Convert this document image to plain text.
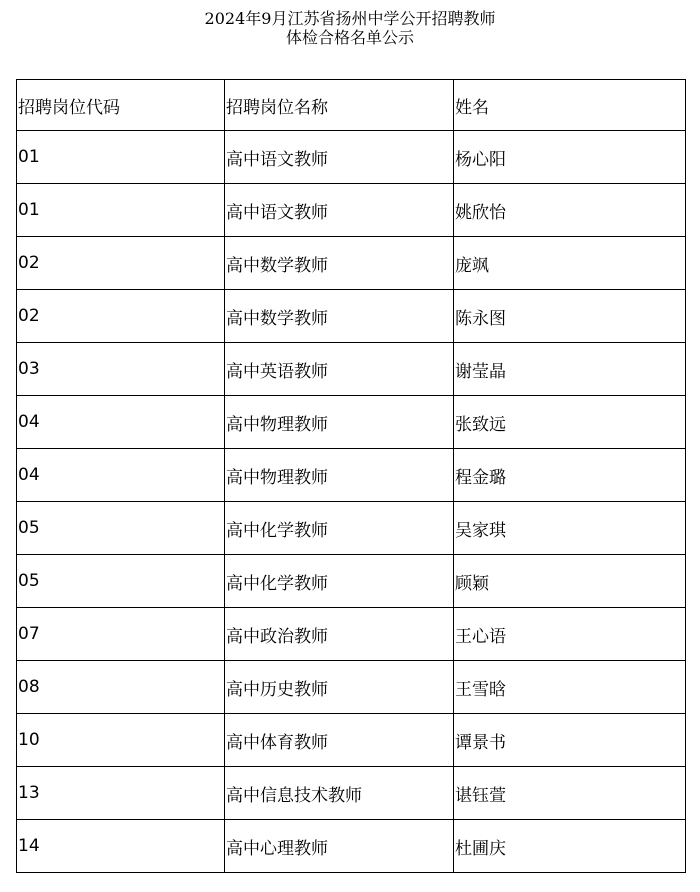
2024年9月江苏省扬州中学公开招聘教师
体检合格名单公示
招聘岗位代码	招聘岗位名称	姓名
01	高中语文教师	杨心阳
01	高中语文教师	姚欣怡
02	高中数学教师	庞飒
02	高中数学教师	陈永图
03	高中英语教师	谢莹晶
04	高中物理教师	张致远
04	高中物理教师	程金璐
05	高中化学教师	吴家琪
05	高中化学教师	顾颖
07	高中政治教师	王心语
08	高中历史教师	王雪晗
10	高中体育教师	谭景书
13	高中信息技术教师	谌钰萱
14	高中心理教师	杜圃庆
